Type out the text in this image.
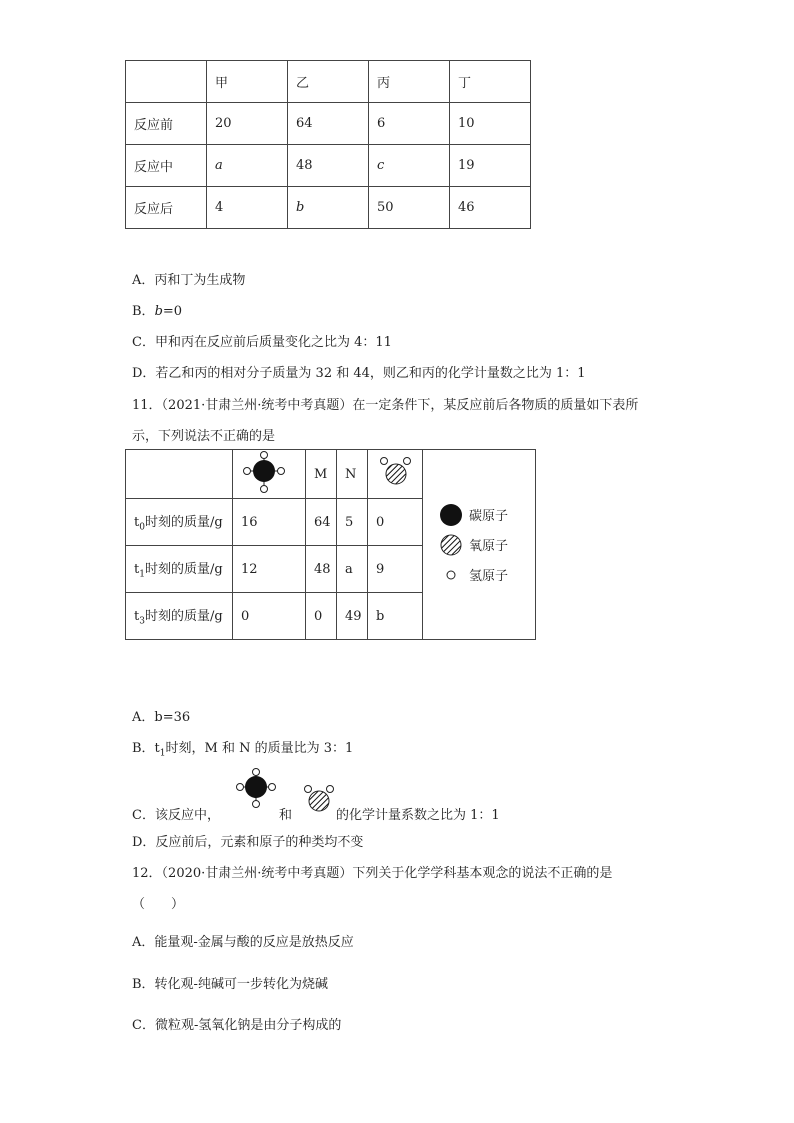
	甲	乙	丙	丁
反应前	20	64	6	10
反应中	a	48	c	19
反应后	4	b	50	46
A．丙和丁为生成物
B．b=0
C．甲和丙在反应前后质量变化之比为 4：11
D．若乙和丙的相对分子质量为 32 和 44，则乙和丙的化学计量数之比为 1：1
11．（2021·甘肃兰州·统考中考真题）在一定条件下，某反应前后各物质的质量如下表所
示，下列说法不正确的是
		M	N		碳原子
氧原子
氢原子

$t_0$时刻的质量/g	16	64	5	0	
$t_1$时刻的质量/g	12	48	a	9	
$t_3$时刻的质量/g	0	0	49	b	
A．b=36
B．$t_1$时刻，M 和 N 的质量比为 3：1
C．该反应中，	和	的化学计量系数之比为 1：1
D．反应前后，元素和原子的种类均不变
12．（2020·甘肃兰州·统考中考真题）下列关于化学学科基本观念的说法不正确的是
（　　）
A．能量观-金属与酸的反应是放热反应
B．转化观-纯碱可一步转化为烧碱
C．微粒观-氢氧化钠是由分子构成的
